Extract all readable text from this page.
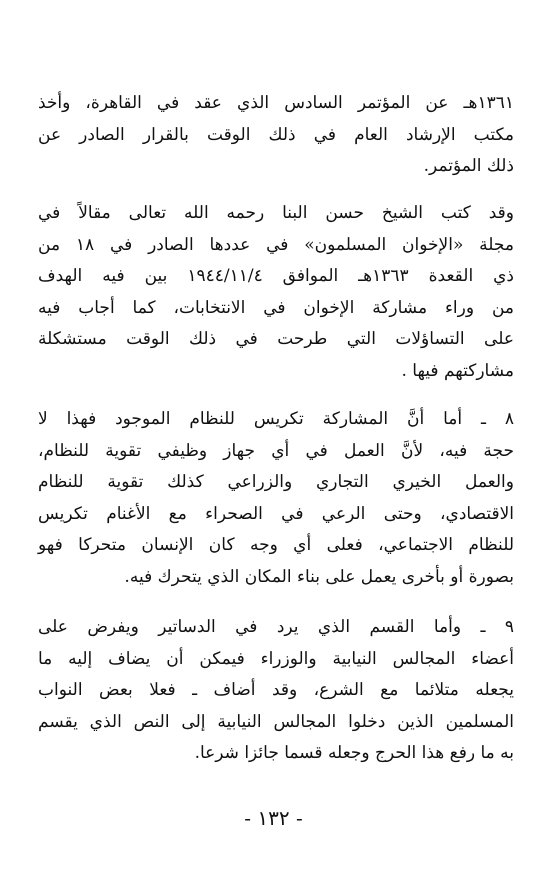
١٣٦١هـ عن المؤتمر السادس الذي عقد في القاهرة، وأخذ
مكتب الإرشاد العام في ذلك الوقت بالقرار الصادر عن
ذلك المؤتمر.
وقد كتب الشيخ حسن البنا رحمه الله تعالى مقالاً في
مجلة «الإخوان المسلمون» في عددها الصادر في ١٨ من
ذي القعدة ١٣٦٣هـ الموافق ١٩٤٤/١١/٤ بين فيه الهدف
من وراء مشاركة الإخوان في الانتخابات، كما أجاب فيه
على التساؤلات التي طرحت في ذلك الوقت مستشكلة
مشاركتهم فيها .
٨ ـ أما أنَّ المشاركة تكريس للنظام الموجود فهذا لا
حجة فيه، لأنَّ العمل في أي جهاز وظيفي تقوية للنظام،
والعمل الخيري التجاري والزراعي كذلك تقوية للنظام
الاقتصادي، وحتى الرعي في الصحراء مع الأغنام تكريس
للنظام الاجتماعي، فعلى أي وجه كان الإنسان متحركا فهو
بصورة أو بأخرى يعمل على بناء المكان الذي يتحرك فيه.
٩ ـ وأما القسم الذي يرد في الدساتير ويفرض على
أعضاء المجالس النيابية والوزراء فيمكن أن يضاف إليه ما
يجعله متلائما مع الشرع، وقد أضاف ـ فعلا بعض النواب
المسلمين الذين دخلوا المجالس النيابية إلى النص الذي يقسم
به ما رفع هذا الحرج وجعله قسما جائزا شرعا.
- ١٣٢ -
